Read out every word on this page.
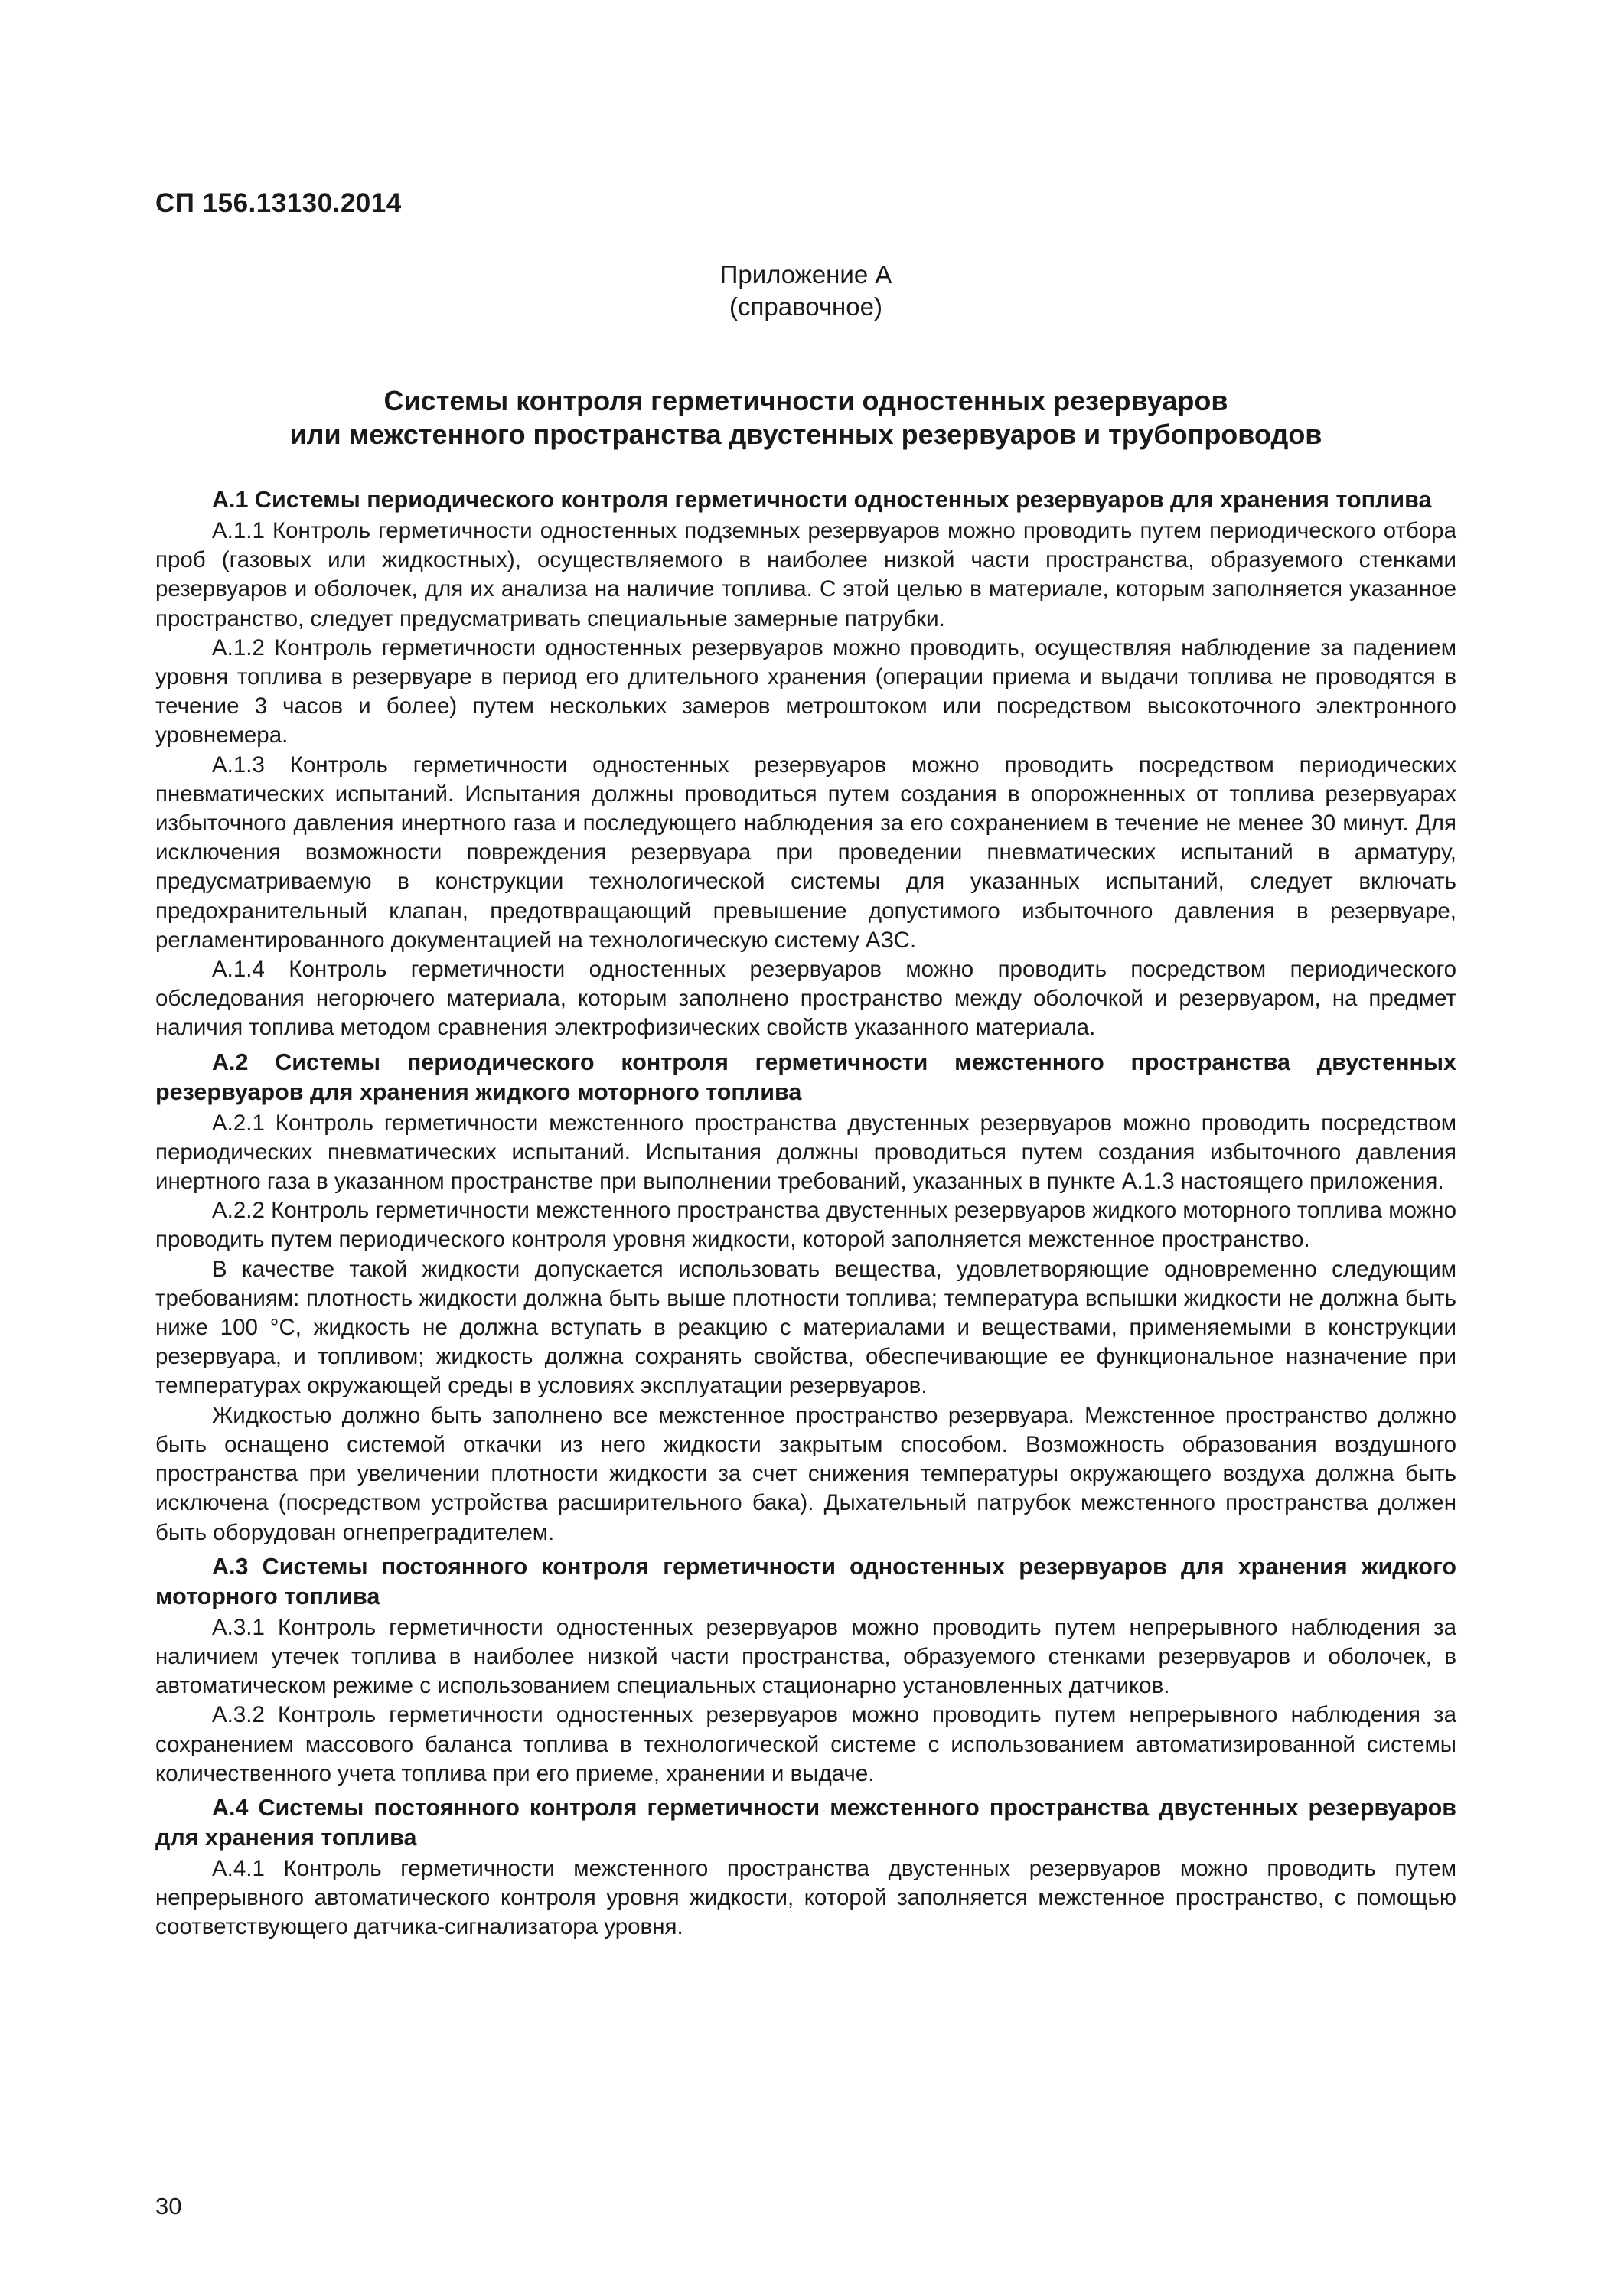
СП 156.13130.2014
Приложение А
(справочное)
Системы контроля герметичности одностенных резервуаров
или межстенного пространства двустенных резервуаров и трубопроводов
А.1 Системы периодического контроля герметичности одностенных резервуаров для хранения топлива

А.1.1 Контроль герметичности одностенных подземных резервуаров можно проводить путем периодического отбора проб (газовых или жидкостных), осуществляемого в наиболее низкой части пространства, образуемого стенками резервуаров и оболочек, для их анализа на наличие топлива. С этой целью в материале, которым заполняется указанное пространство, следует предусматривать специальные замерные патрубки.

А.1.2 Контроль герметичности одностенных резервуаров можно проводить, осуществляя наблюдение за падением уровня топлива в резервуаре в период его длительного хранения (операции приема и выдачи топлива не проводятся в течение 3 часов и более) путем нескольких замеров метроштоком или посредством высокоточного электронного уровнемера.

А.1.3 Контроль герметичности одностенных резервуаров можно проводить посредством периодических пневматических испытаний. Испытания должны проводиться путем создания в опорожненных от топлива резервуарах избыточного давления инертного газа и последующего наблюдения за его сохранением в течение не менее 30 минут. Для исключения возможности повреждения резервуара при проведении пневматических испытаний в арматуру, предусматриваемую в конструкции технологической системы для указанных испытаний, следует включать предохранительный клапан, предотвращающий превышение допустимого избыточного давления в резервуаре, регламентированного документацией на технологическую систему АЗС.

А.1.4 Контроль герметичности одностенных резервуаров можно проводить посредством периодического обследования негорючего материала, которым заполнено пространство между оболочкой и резервуаром, на предмет наличия топлива методом сравнения электрофизических свойств указанного материала.

А.2 Системы периодического контроля герметичности межстенного пространства двустенных резервуаров для хранения жидкого моторного топлива

А.2.1 Контроль герметичности межстенного пространства двустенных резервуаров можно проводить посредством периодических пневматических испытаний. Испытания должны проводиться путем создания избыточного давления инертного газа в указанном пространстве при выполнении требований, указанных в пункте А.1.3 настоящего приложения.

А.2.2 Контроль герметичности межстенного пространства двустенных резервуаров жидкого моторного топлива можно проводить путем периодического контроля уровня жидкости, которой заполняется межстенное пространство.

В качестве такой жидкости допускается использовать вещества, удовлетворяющие одновременно следующим требованиям: плотность жидкости должна быть выше плотности топлива; температура вспышки жидкости не должна быть ниже 100 °С, жидкость не должна вступать в реакцию с материалами и веществами, применяемыми в конструкции резервуара, и топливом; жидкость должна сохранять свойства, обеспечивающие ее функциональное назначение при температурах окружающей среды в условиях эксплуатации резервуаров.

Жидкостью должно быть заполнено все межстенное пространство резервуара. Межстенное пространство должно быть оснащено системой откачки из него жидкости закрытым способом. Возможность образования воздушного пространства при увеличении плотности жидкости за счет снижения температуры окружающего воздуха должна быть исключена (посредством устройства расширительного бака). Дыхательный патрубок межстенного пространства должен быть оборудован огнепреградителем.

А.3 Системы постоянного контроля герметичности одностенных резервуаров для хранения жидкого моторного топлива

А.3.1 Контроль герметичности одностенных резервуаров можно проводить путем непрерывного наблюдения за наличием утечек топлива в наиболее низкой части пространства, образуемого стенками резервуаров и оболочек, в автоматическом режиме с использованием специальных стационарно установленных датчиков.

А.3.2 Контроль герметичности одностенных резервуаров можно проводить путем непрерывного наблюдения за сохранением массового баланса топлива в технологической системе с использованием автоматизированной системы количественного учета топлива при его приеме, хранении и выдаче.

А.4 Системы постоянного контроля герметичности межстенного пространства двустенных резервуаров для хранения топлива

А.4.1 Контроль герметичности межстенного пространства двустенных резервуаров можно проводить путем непрерывного автоматического контроля уровня жидкости, которой заполняется межстенное пространство, с помощью соответствующего датчика-сигнализатора уровня.

30
